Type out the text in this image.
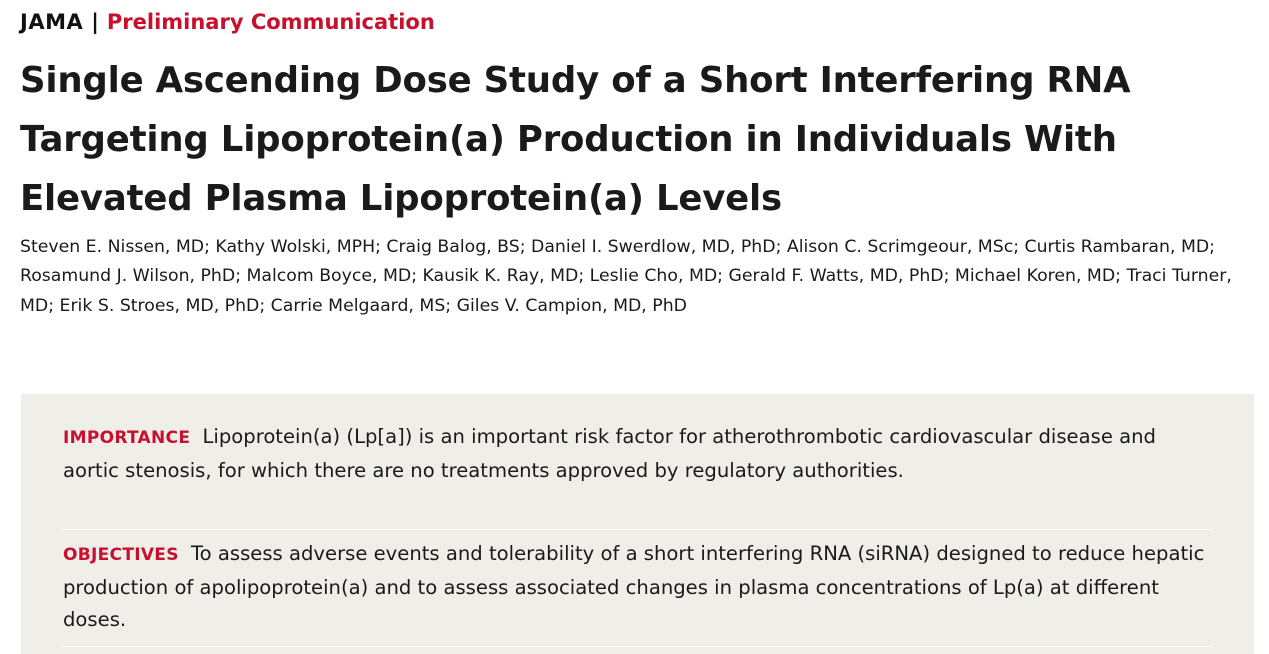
JAMA | Preliminary Communication
Single Ascending Dose Study of a Short Interfering RNA Targeting Lipoprotein(a) Production in Individuals With Elevated Plasma Lipoprotein(a) Levels

Steven E. Nissen, MD; Kathy Wolski, MPH; Craig Balog, BS; Daniel I. Swerdlow, MD, PhD; Alison C. Scrimgeour, MSc; Curtis Rambaran, MD; Rosamund J. Wilson, PhD; Malcom Boyce, MD; Kausik K. Ray, MD; Leslie Cho, MD; Gerald F. Watts, MD, PhD; Michael Koren, MD; Traci Turner, MD; Erik S. Stroes, MD, PhD; Carrie Melgaard, MS; Giles V. Campion, MD, PhD

IMPORTANCE Lipoprotein(a) (Lp[a]) is an important risk factor for atherothrombotic cardiovascular disease and aortic stenosis, for which there are no treatments approved by regulatory authorities.

OBJECTIVES To assess adverse events and tolerability of a short interfering RNA (siRNA) designed to reduce hepatic production of apolipoprotein(a) and to assess associated changes in plasma concentrations of Lp(a) at different doses.
